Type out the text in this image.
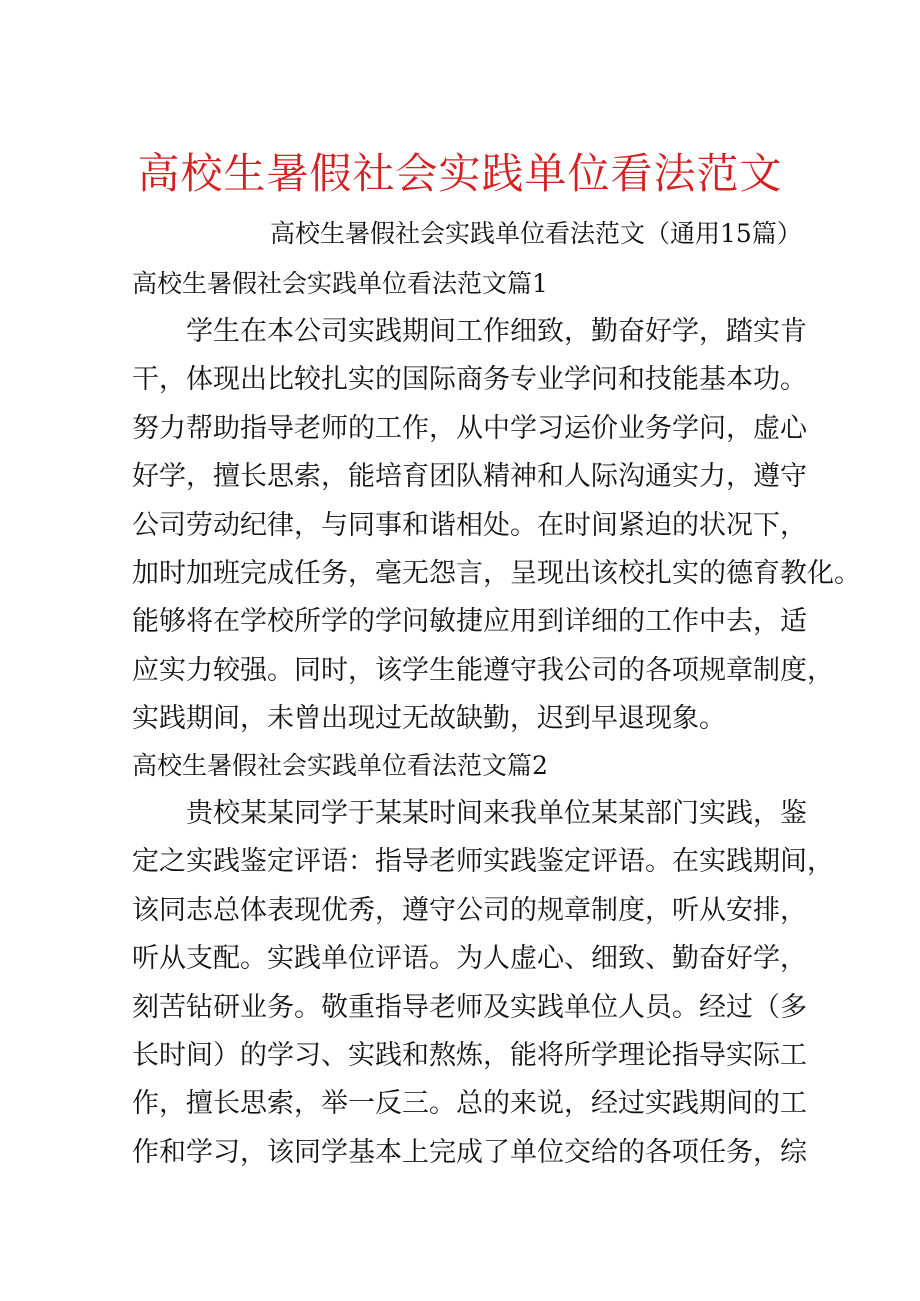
高校生暑假社会实践单位看法范文
高校生暑假社会实践单位看法范文（通用15篇）
高校生暑假社会实践单位看法范文篇1
学生在本公司实践期间工作细致，勤奋好学，踏实肯
干，体现出比较扎实的国际商务专业学问和技能基本功。
努力帮助指导老师的工作，从中学习运价业务学问，虚心
好学，擅长思索，能培育团队精神和人际沟通实力，遵守
公司劳动纪律，与同事和谐相处。在时间紧迫的状况下，
加时加班完成任务，毫无怨言，呈现出该校扎实的德育教化。
能够将在学校所学的学问敏捷应用到详细的工作中去，适
应实力较强。同时，该学生能遵守我公司的各项规章制度，
实践期间，未曾出现过无故缺勤，迟到早退现象。
高校生暑假社会实践单位看法范文篇2
贵校某某同学于某某时间来我单位某某部门实践，鉴
定之实践鉴定评语：指导老师实践鉴定评语。在实践期间，
该同志总体表现优秀，遵守公司的规章制度，听从安排，
听从支配。实践单位评语。为人虚心、细致、勤奋好学，
刻苦钻研业务。敬重指导老师及实践单位人员。经过（多
长时间）的学习、实践和熬炼，能将所学理论指导实际工
作，擅长思索，举一反三。总的来说，经过实践期间的工
作和学习，该同学基本上完成了单位交给的各项任务，综
